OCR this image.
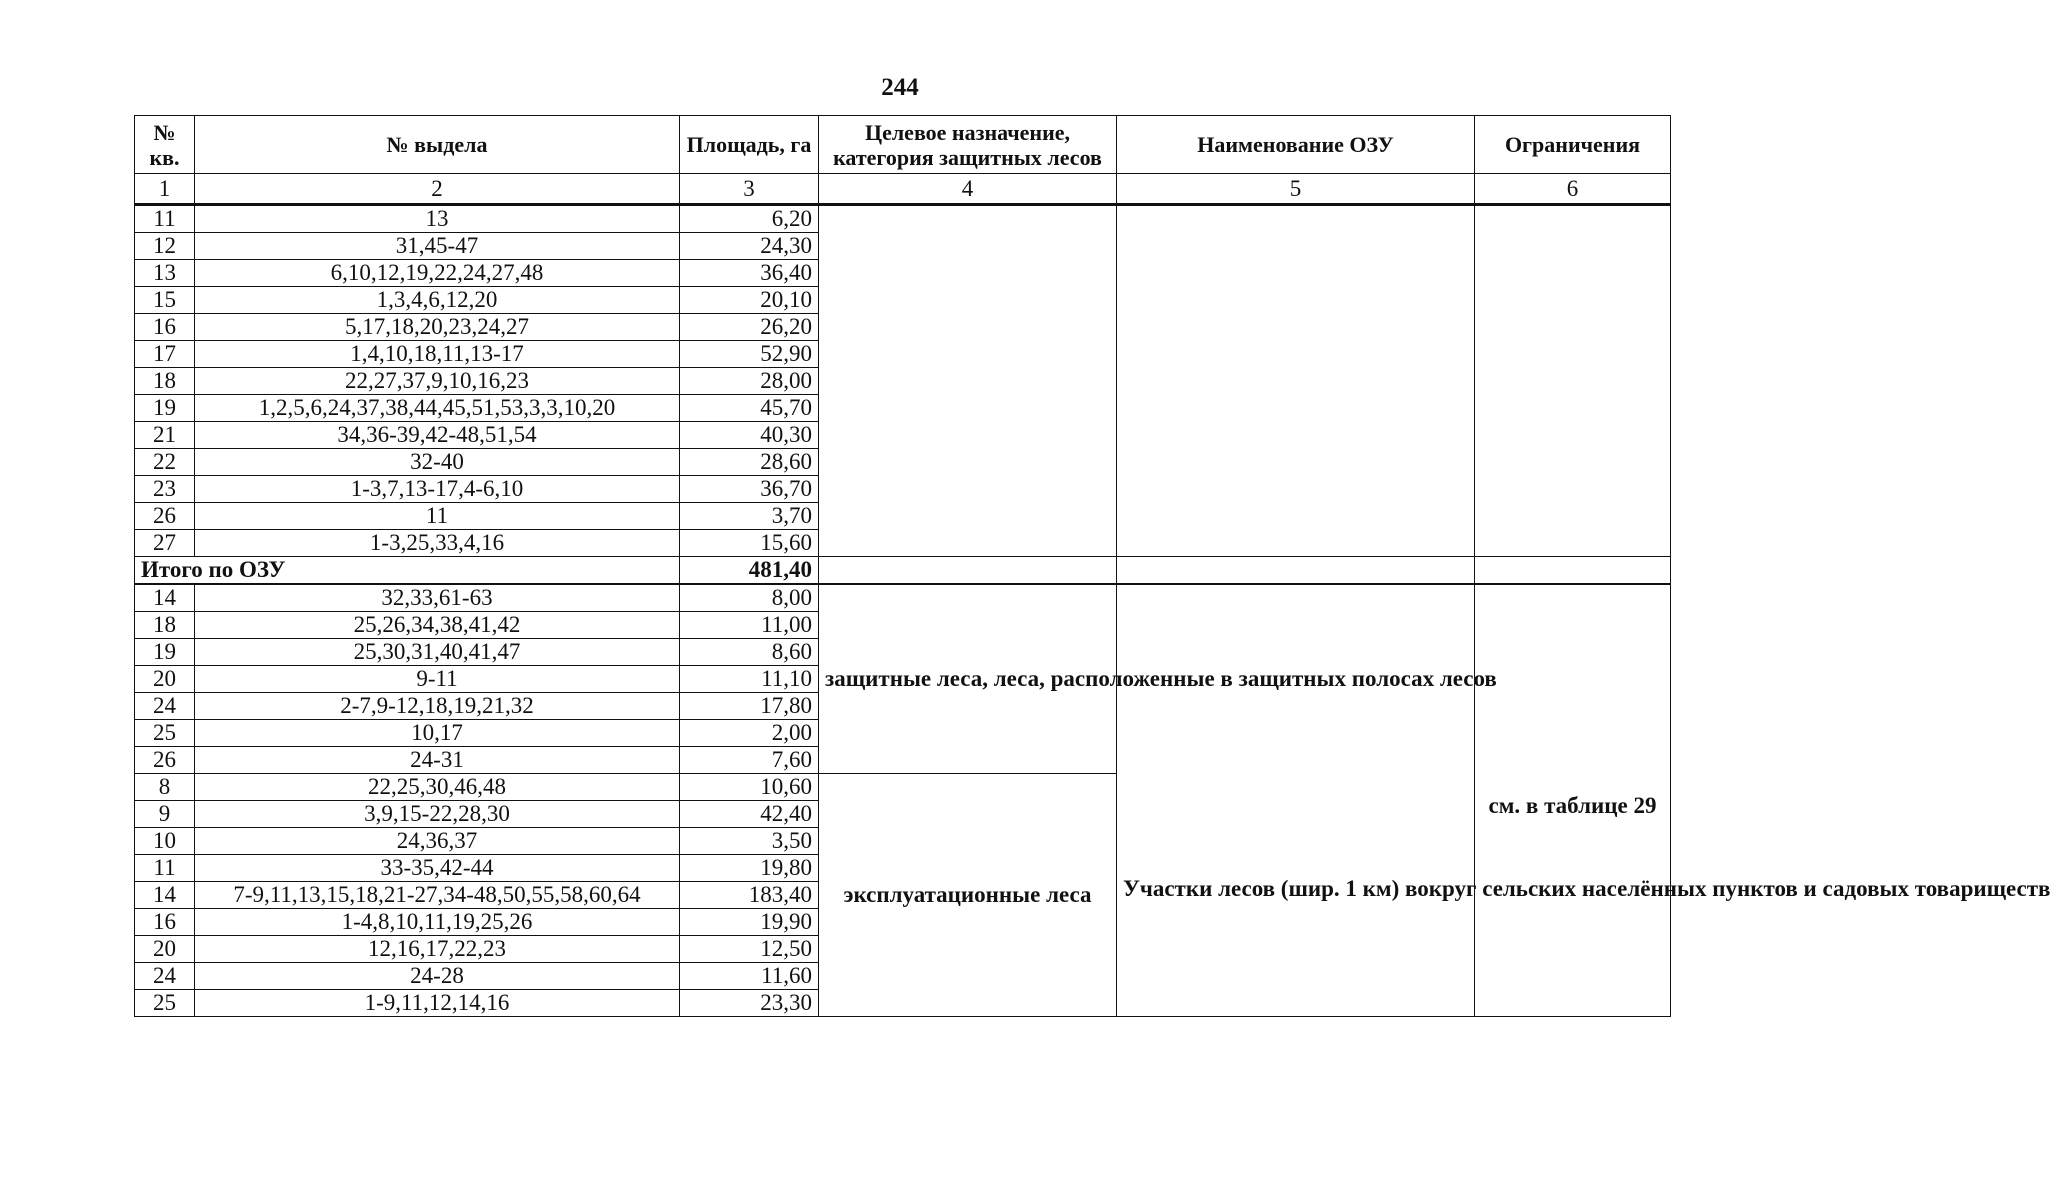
244
№ кв.	№ выдела	Площадь, га	Целевое назначение, категория защитных лесов	Наименование ОЗУ	Ограничения
1	2	3	4	5	6
11	13	6,20			
12	31,45-47	24,30			
13	6,10,12,19,22,24,27,48	36,40			
15	1,3,4,6,12,20	20,10			
16	5,17,18,20,23,24,27	26,20			
17	1,4,10,18,11,13-17	52,90			
18	22,27,37,9,10,16,23	28,00			
19	1,2,5,6,24,37,38,44,45,51,53,3,3,10,20	45,70			
21	34,36-39,42-48,51,54	40,30			
22	32-40	28,60			
23	1-3,7,13-17,4-6,10	36,70			
26	11	3,70			
27	1-3,25,33,4,16	15,60			
Итого по ОЗУ		481,40			
14	32,33,61-63	8,00	защитные леса, леса, расположенные в защитных полосах лесов	Участки лесов (шир. 1 км) вокруг сельских населённых пунктов и садовых товариществ	см. в таблице 29
18	25,26,34,38,41,42	11,00			
19	25,30,31,40,41,47	8,60			
20	9-11	11,10			
24	2-7,9-12,18,19,21,32	17,80			
25	10,17	2,00			
26	24-31	7,60			
8	22,25,30,46,48	10,60	эксплуатационные леса		
9	3,9,15-22,28,30	42,40			
10	24,36,37	3,50			
11	33-35,42-44	19,80			
14	7-9,11,13,15,18,21-27,34-48,50,55,58,60,64	183,40			
16	1-4,8,10,11,19,25,26	19,90			
20	12,16,17,22,23	12,50			
24	24-28	11,60			
25	1-9,11,12,14,16	23,30			
